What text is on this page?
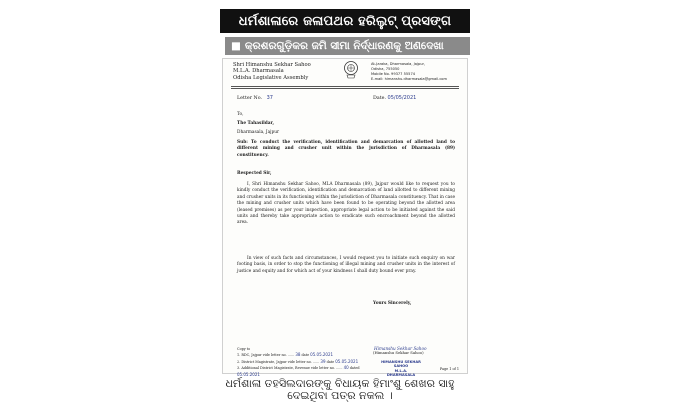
ଧର୍ମଶାଳାରେ ଜଳାପଥର ହରିଲୁଟ୍ ପ୍ରସଙ୍ଗ
■ କ୍ରଶରଗୁଡ଼ିକର ଜମି ସୀମା ନିର୍ଦ୍ଧାରଣକୁ ଅଣଦେଖା
Shri Himanshu Sekhar Sahoo
M.L.A. Dharmasala
Odisha Legislative Assembly
At-Jaraka, Dharmasala, Jajpur,
Odisha, 755050
Mobile No. 99377 55574
E-mail: himanshu.dharmasala@gmail.com
Letter No. 37	Date. 05/05/2021
To,
The Tahasildar,
Dharmasala, Jajpur
Sub: To conduct the verification, identification and demarcation of allotted land to different mining and crusher unit within the jurisdiction of Dharmasala (89) constituency.
Respected Sir,
I, Shri Himanshu Sekhar Sahoo, MLA Dharmasala (89), Jajpur would like to request you to kindly conduct the verification, identification and demarcation of land allotted to different mining and crusher units in its functioning within the jurisdiction of Dharmasala constituency. That in case the mining and crusher units which have been found to be operating beyond the allotted area (leased premises) as per your inspection, appropriate legal action to be initiated against the said units and thereby take appropriate action to eradicate such encroachment beyond the allotted area.
In view of such facts and circumstances, I would request you to initiate such enquiry on war footing basis, in order to stop the functioning of illegal mining and crusher units in the interest of justice and equity and for which act of your kindness I shall duty bound ever pray.
Yours Sincerely,
Himanshu Sekhar Sahoo
(Himanshu Sekhar Sahoo)
HIMANSHU SEKHAR SAHOO
M.L.A.
DHARMASALA
Copy to
1. RDC, Jajpur vide letter no. ...... 38 date 05.05.2021
2. District Magistrate, Jajpur vide letter no. ...... 39 date 05.05.2021
3. Additional District Magistrate, Revenue vide letter no. ...... 40 dated 05.05.2021
Page 1 of 1
ଧର୍ମଶାଳା ତହସିଲଦାରଙ୍କୁ ବିଧାୟକ ହିମାଂଶୁ ଶେଖର ସାହୁ
ଦେଇଥିବା ପତ୍ର ନକଲ ।
